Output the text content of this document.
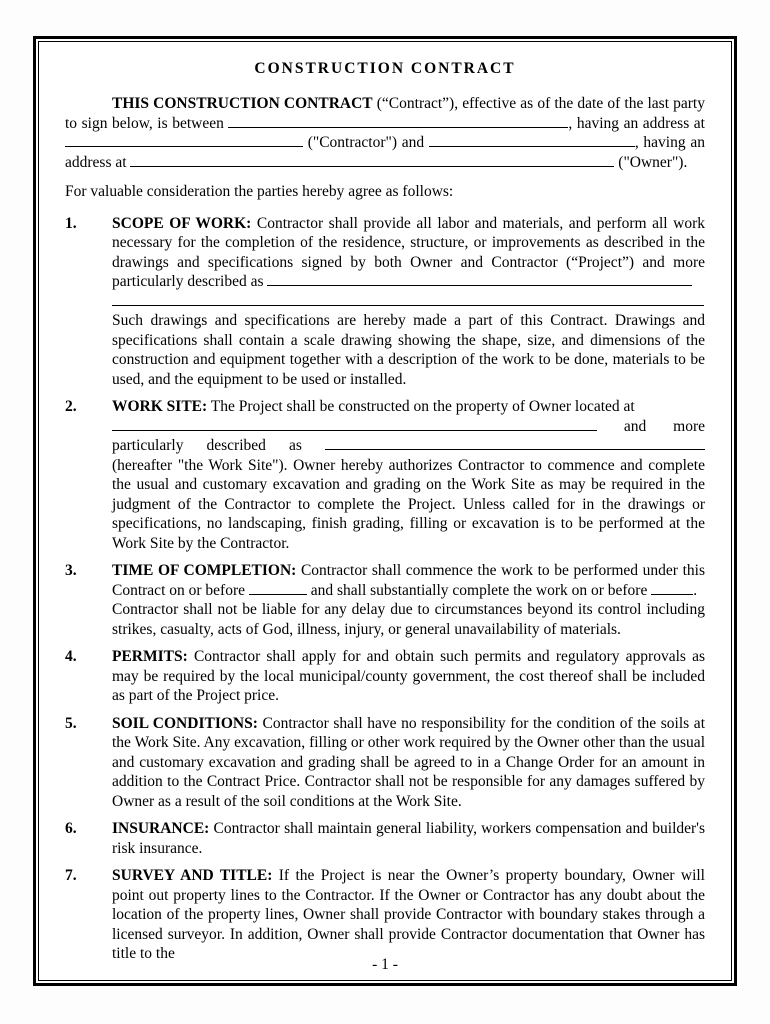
CONSTRUCTION CONTRACT

THIS CONSTRUCTION CONTRACT (“Contract”), effective as of the date of the last party to sign below, is between	, having an address at  ("Contractor") and	, having an address at	("Owner").

For valuable consideration the parties hereby agree as follows:

1. SCOPE OF WORK: Contractor shall provide all labor and materials, and perform all work necessary for the completion of the residence, structure, or improvements as described in the drawings and specifications signed by both Owner and Contractor (“Project”) and more particularly described as

Such drawings and specifications are hereby made a part of this Contract. Drawings and specifications shall contain a scale drawing showing the shape, size, and dimensions of the construction and equipment together with a description of the work to be done, materials to be used, and the equipment to be used or installed.

2. WORK SITE: The Project shall be constructed on the property of Owner located at
and more particularly described as  (hereafter "the Work Site"). Owner hereby authorizes Contractor to commence and complete the usual and customary excavation and grading on the Work Site as may be required in the judgment of the Contractor to complete the Project. Unless called for in the drawings or specifications, no landscaping, finish grading, filling or excavation is to be performed at the Work Site by the Contractor.

3. TIME OF COMPLETION: Contractor shall commence the work to be performed under this Contract on or before	and shall substantially complete the work on or before	.
Contractor shall not be liable for any delay due to circumstances beyond its control including strikes, casualty, acts of God, illness, injury, or general unavailability of materials.

4. PERMITS: Contractor shall apply for and obtain such permits and regulatory approvals as may be required by the local municipal/county government, the cost thereof shall be included as part of the Project price.

5. SOIL CONDITIONS: Contractor shall have no responsibility for the condition of the soils at the Work Site. Any excavation, filling or other work required by the Owner other than the usual and customary excavation and grading shall be agreed to in a Change Order for an amount in addition to the Contract Price. Contractor shall not be responsible for any damages suffered by Owner as a result of the soil conditions at the Work Site.

6. INSURANCE: Contractor shall maintain general liability, workers compensation and builder's risk insurance.

7. SURVEY AND TITLE: If the Project is near the Owner’s property boundary, Owner will point out property lines to the Contractor. If the Owner or Contractor has any doubt about the location of the property lines, Owner shall provide Contractor with boundary stakes through a licensed surveyor. In addition, Owner shall provide Contractor documentation that Owner has title to the

- 1 -
